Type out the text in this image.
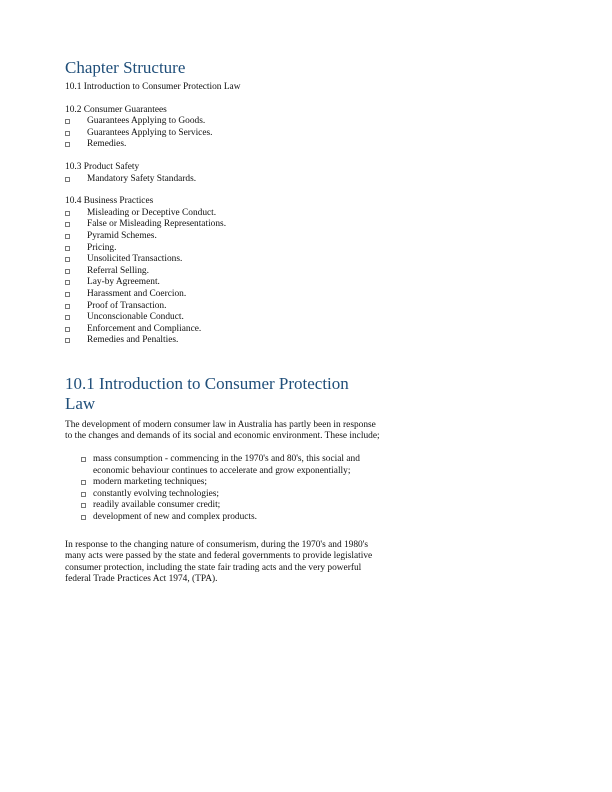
Chapter Structure
10.1 Introduction to Consumer Protection Law
10.2 Consumer Guarantees
Guarantees Applying to Goods.
Guarantees Applying to Services.
Remedies.
10.3 Product Safety
Mandatory Safety Standards.
10.4 Business Practices
Misleading or Deceptive Conduct.
False or Misleading Representations.
Pyramid Schemes.
Pricing.
Unsolicited Transactions.
Referral Selling.
Lay-by Agreement.
Harassment and Coercion.
Proof of Transaction.
Unconscionable Conduct.
Enforcement and Compliance.
Remedies and Penalties.
10.1 Introduction to Consumer Protection Law

The development of modern consumer law in Australia has partly been in response to the changes and demands of its social and economic environment. These include;

mass consumption - commencing in the 1970's and 80's, this social and economic behaviour continues to accelerate and grow exponentially;
modern marketing techniques;
constantly evolving technologies;
readily available consumer credit;
development of new and complex products.

In response to the changing nature of consumerism, during the 1970's and 1980's many acts were passed by the state and federal governments to provide legislative consumer protection, including the state fair trading acts and the very powerful federal Trade Practices Act 1974, (TPA).
